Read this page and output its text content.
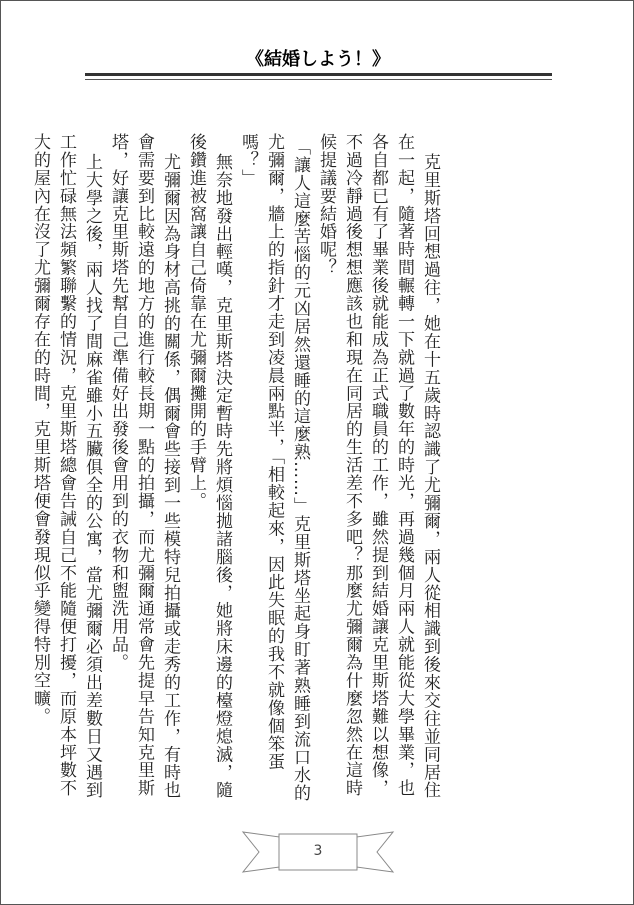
《結婚しよう！》

克里斯塔回想過往，她在十五歲時認識了尤彌爾，兩人從相識到後來交往並同居住在一起，隨著時間輾轉一下就過了數年的時光，再過幾個月兩人就能從大學畢業，也各自都已有了畢業後就能成為正式職員的工作，雖然提到結婚讓克里斯塔難以想像，不過冷靜過後想想應該也和現在同居的生活差不多吧？那麼尤彌爾為什麼忽然在這時候提議要結婚呢？

「讓人這麼苦惱的元凶居然還睡的這麼熟……」克里斯塔坐起身盯著熟睡到流口水的尤彌爾，牆上的指針才走到凌晨兩點半，「相較起來，因此失眠的我不就像個笨蛋嗎？」

無奈地發出輕嘆，克里斯塔決定暫時先將煩惱拋諸腦後，她將床邊的檯燈熄滅，隨後鑽進被窩讓自己倚靠在尤彌爾攤開的手臂上。

尤彌爾因為身材高挑的關係，偶爾會些接到一些模特兒拍攝或走秀的工作，有時也會需要到比較遠的地方的進行較長期一點的拍攝，而尤彌爾通常會先提早告知克里斯塔，好讓克里斯塔先幫自己準備好出發後會用到的衣物和盥洗用品。

上大學之後，兩人找了間麻雀雖小五臟俱全的公寓，當尤彌爾必須出差數日又遇到工作忙碌無法頻繁聯繫的情況，克里斯塔總會告誡自己不能隨便打擾，而原本坪數不大的屋內在沒了尤彌爾存在的時間，克里斯塔便會發現似乎變得特別空曠。

3
